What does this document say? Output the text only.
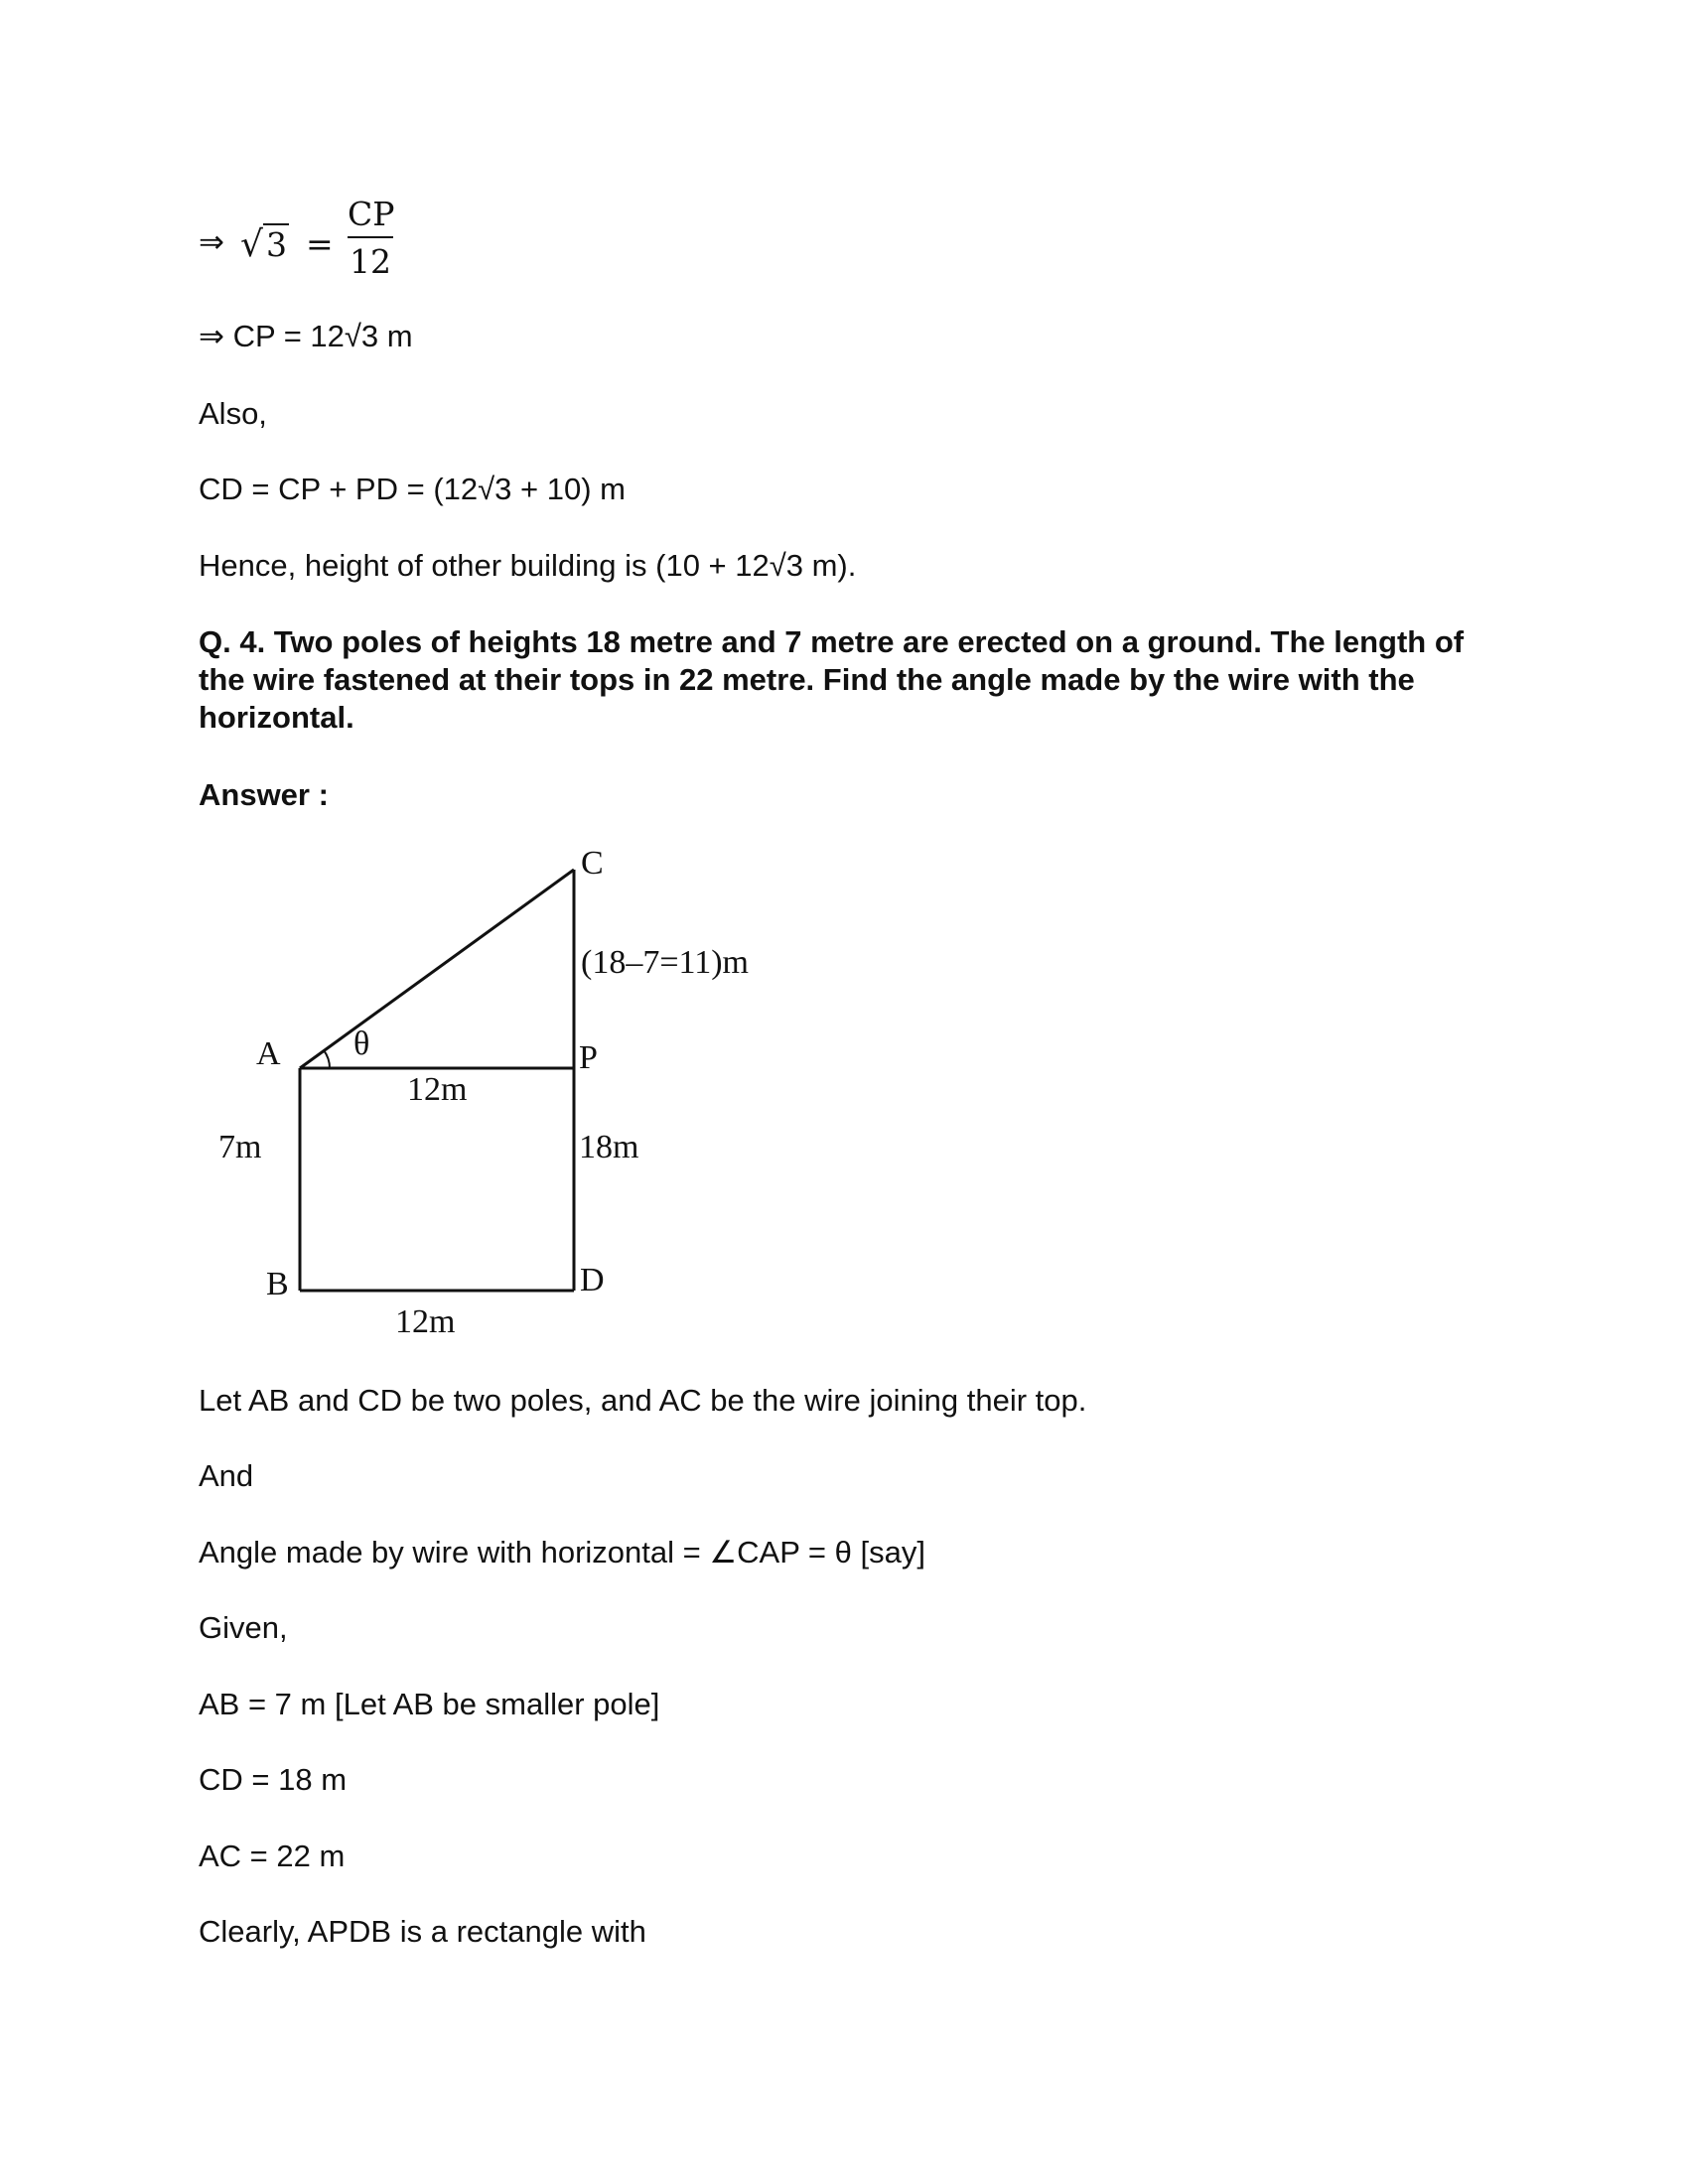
⇒ √3 =
CP
12
⇒ CP = 12√3 m
Also,
CD = CP + PD = (12√3 + 10) m
Hence, height of other building is (10 + 12√3 m).
Q. 4. Two poles of heights 18 metre and 7 metre are erected on a ground. The length of the wire fastened at their tops in 22 metre. Find the angle made by the wire with the horizontal.
Answer :
C
(18–7=11)m
A θ	P
12m
7m	18m
B	D
12m
Let AB and CD be two poles, and AC be the wire joining their top.
And
Angle made by wire with horizontal = ∠CAP = θ [say]
Given,
AB = 7 m [Let AB be smaller pole]
CD = 18 m
AC = 22 m
Clearly, APDB is a rectangle with
